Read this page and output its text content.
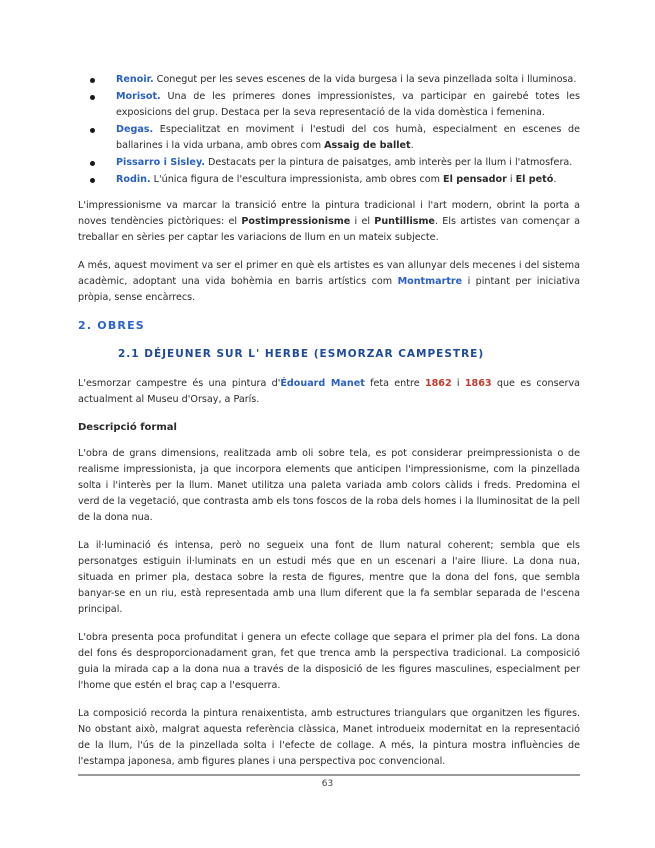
Renoir. Conegut per les seves escenes de la vida burgesa i la seva pinzellada solta i lluminosa.
Morisot. Una de les primeres dones impressionistes, va participar en gairebé totes les exposicions del grup. Destaca per la seva representació de la vida domèstica i femenina.
Degas. Especialitzat en moviment i l'estudi del cos humà, especialment en escenes de ballarines i la vida urbana, amb obres com Assaig de ballet.
Pissarro i Sisley. Destacats per la pintura de paisatges, amb interès per la llum i l'atmosfera.
Rodin. L'única figura de l'escultura impressionista, amb obres com El pensador i El petó.

L'impressionisme va marcar la transició entre la pintura tradicional i l'art modern, obrint la porta a noves tendències pictòriques: el Postimpressionisme i el Puntillisme. Els artistes van començar a treballar en sèries per captar les variacions de llum en un mateix subjecte.

A més, aquest moviment va ser el primer en què els artistes es van allunyar dels mecenes i del sistema acadèmic, adoptant una vida bohèmia en barris artístics com Montmartre i pintant per iniciativa pròpia, sense encàrrecs.

2. OBRES
2.1 DÉJEUNER SUR L' HERBE (ESMORZAR CAMPESTRE)

L'esmorzar campestre és una pintura d'Édouard Manet feta entre 1862 i 1863 que es conserva actualment al Museu d'Orsay, a París.

Descripció formal

L'obra de grans dimensions, realitzada amb oli sobre tela, es pot considerar preimpressionista o de realisme impressionista, ja que incorpora elements que anticipen l'impressionisme, com la pinzellada solta i l'interès per la llum. Manet utilitza una paleta variada amb colors càlids i freds. Predomina el verd de la vegetació, que contrasta amb els tons foscos de la roba dels homes i la lluminositat de la pell de la dona nua.

La il·luminació és intensa, però no segueix una font de llum natural coherent; sembla que els personatges estiguin il·luminats en un estudi més que en un escenari a l'aire lliure. La dona nua, situada en primer pla, destaca sobre la resta de figures, mentre que la dona del fons, que sembla banyar-se en un riu, està representada amb una llum diferent que la fa semblar separada de l'escena principal.

L'obra presenta poca profunditat i genera un efecte collage que separa el primer pla del fons. La dona del fons és desproporcionadament gran, fet que trenca amb la perspectiva tradicional. La composició guia la mirada cap a la dona nua a través de la disposició de les figures masculines, especialment per l'home que estén el braç cap a l'esquerra.

La composició recorda la pintura renaixentista, amb estructures triangulars que organitzen les figures. No obstant això, malgrat aquesta referència clàssica, Manet introdueix modernitat en la representació de la llum, l'ús de la pinzellada solta i l'efecte de collage. A més, la pintura mostra influències de l'estampa japonesa, amb figures planes i una perspectiva poc convencional.

63
